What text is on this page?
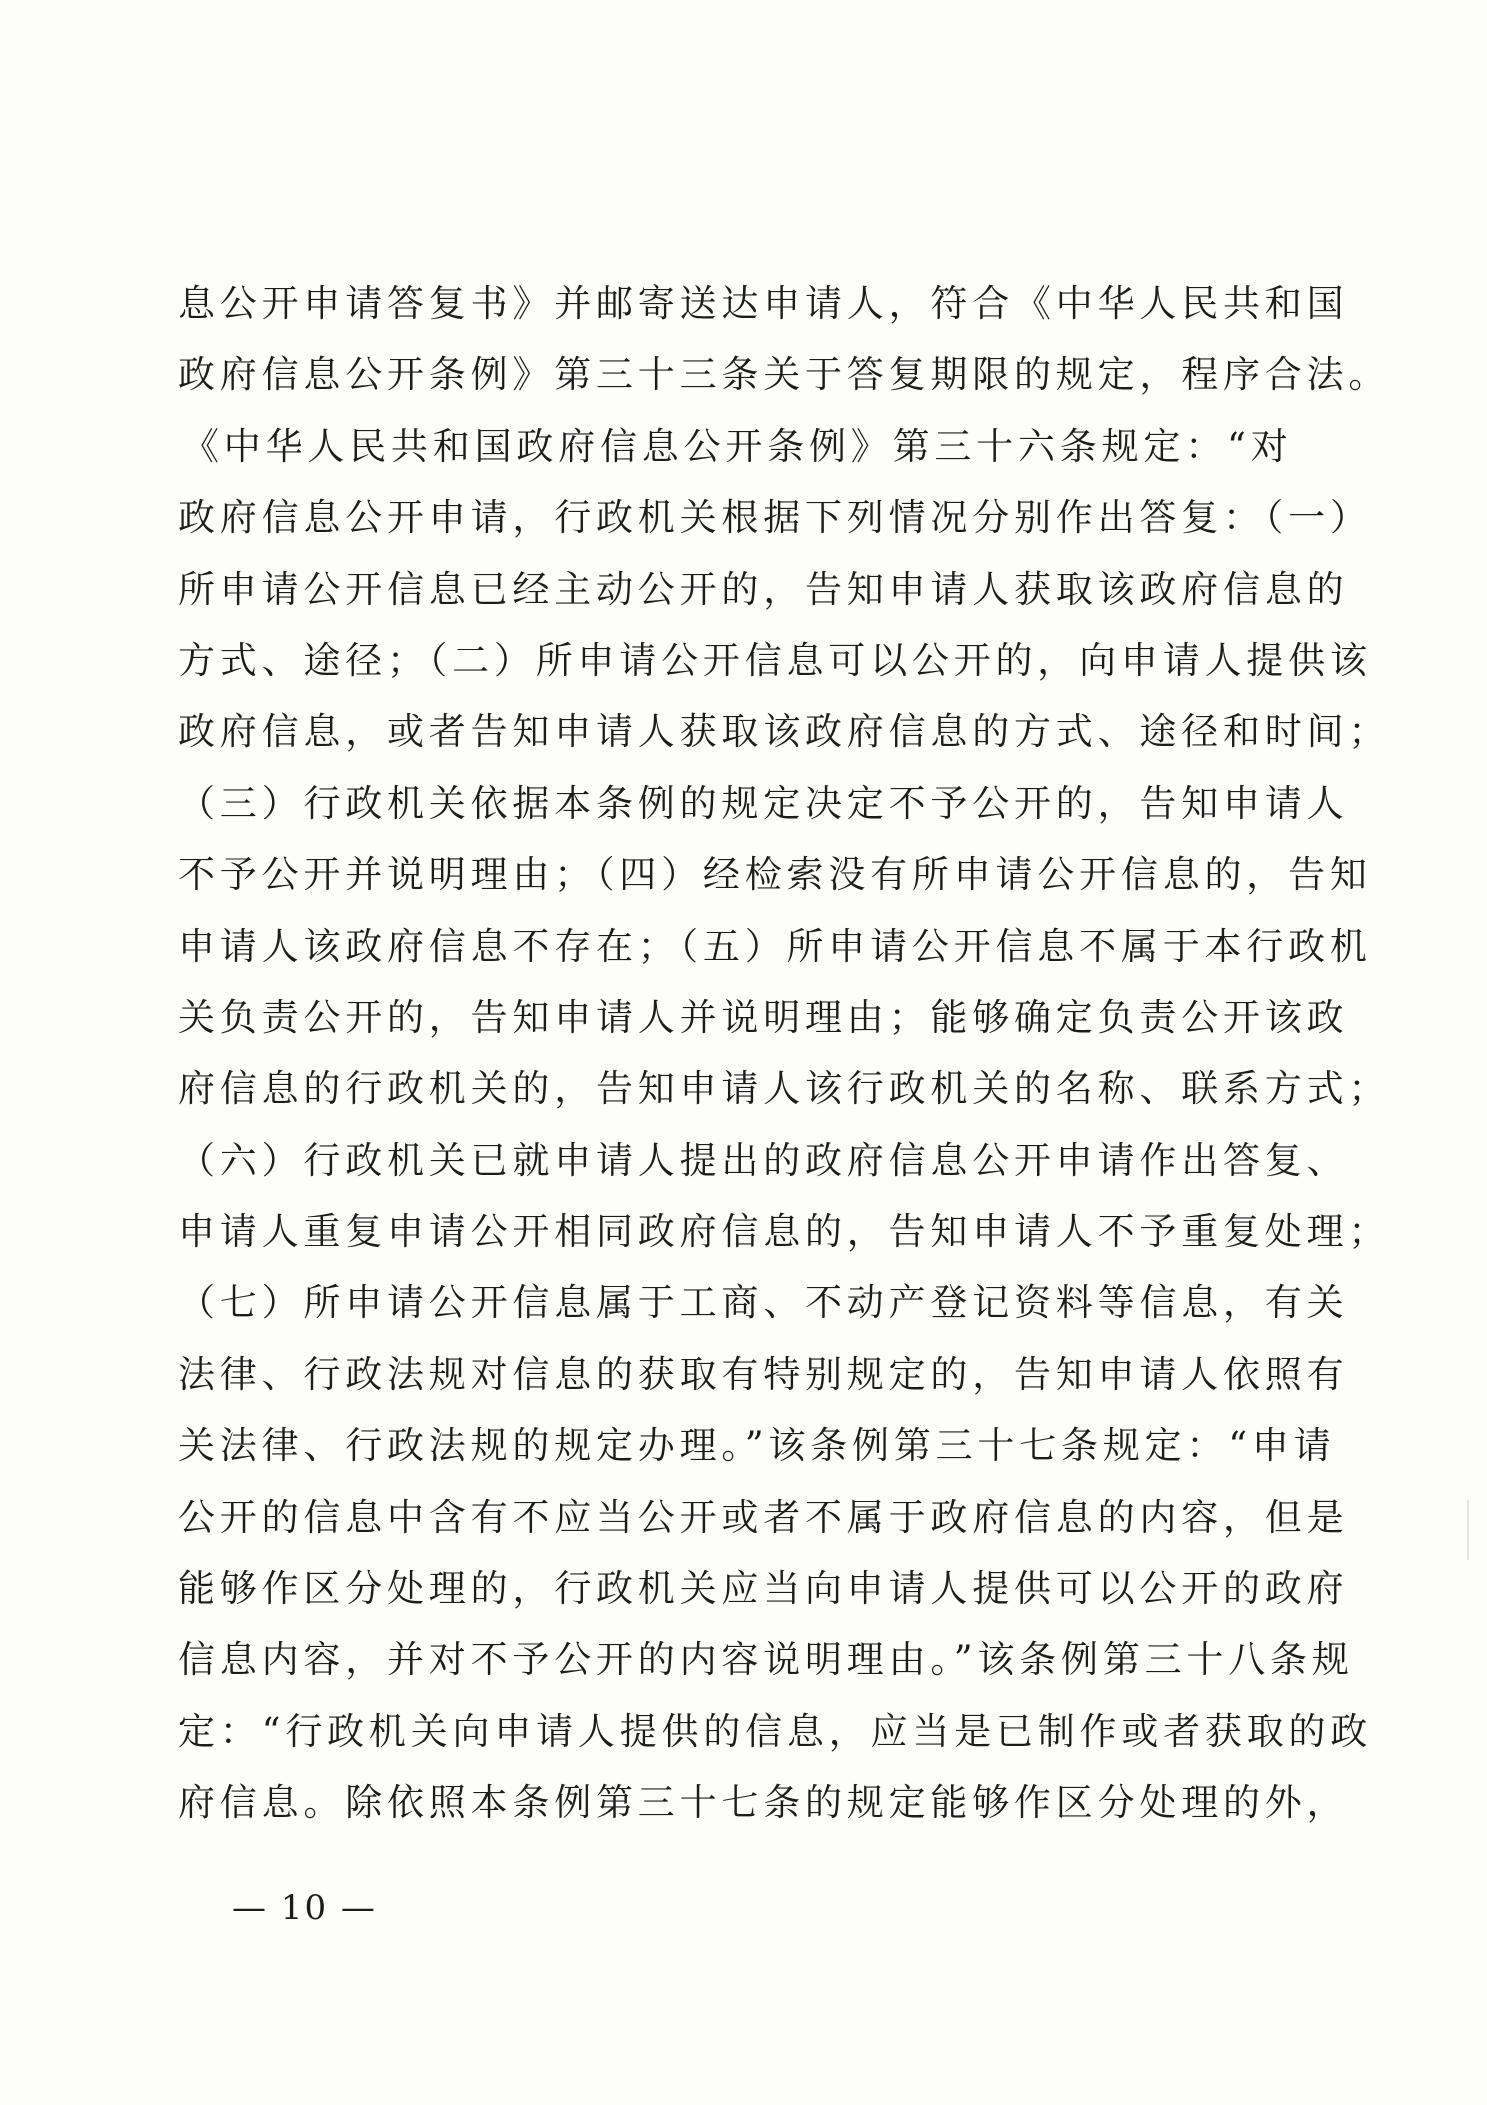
息公开申请答复书》并邮寄送达申请人，符合《中华人民共和国
政府信息公开条例》第三十三条关于答复期限的规定，程序合法。
《中华人民共和国政府信息公开条例》第三十六条规定：“对
政府信息公开申请，行政机关根据下列情况分别作出答复：（一）
所申请公开信息已经主动公开的，告知申请人获取该政府信息的
方式、途径；（二）所申请公开信息可以公开的，向申请人提供该
政府信息，或者告知申请人获取该政府信息的方式、途径和时间；
（三）行政机关依据本条例的规定决定不予公开的，告知申请人
不予公开并说明理由；（四）经检索没有所申请公开信息的，告知
申请人该政府信息不存在；（五）所申请公开信息不属于本行政机
关负责公开的，告知申请人并说明理由；能够确定负责公开该政
府信息的行政机关的，告知申请人该行政机关的名称、联系方式；
（六）行政机关已就申请人提出的政府信息公开申请作出答复、
申请人重复申请公开相同政府信息的，告知申请人不予重复处理；
（七）所申请公开信息属于工商、不动产登记资料等信息，有关
法律、行政法规对信息的获取有特别规定的，告知申请人依照有
关法律、行政法规的规定办理。”该条例第三十七条规定：“申请
公开的信息中含有不应当公开或者不属于政府信息的内容，但是
能够作区分处理的，行政机关应当向申请人提供可以公开的政府
信息内容，并对不予公开的内容说明理由。”该条例第三十八条规
定：“行政机关向申请人提供的信息，应当是已制作或者获取的政
府信息。除依照本条例第三十七条的规定能够作区分处理的外，
— 10 —
